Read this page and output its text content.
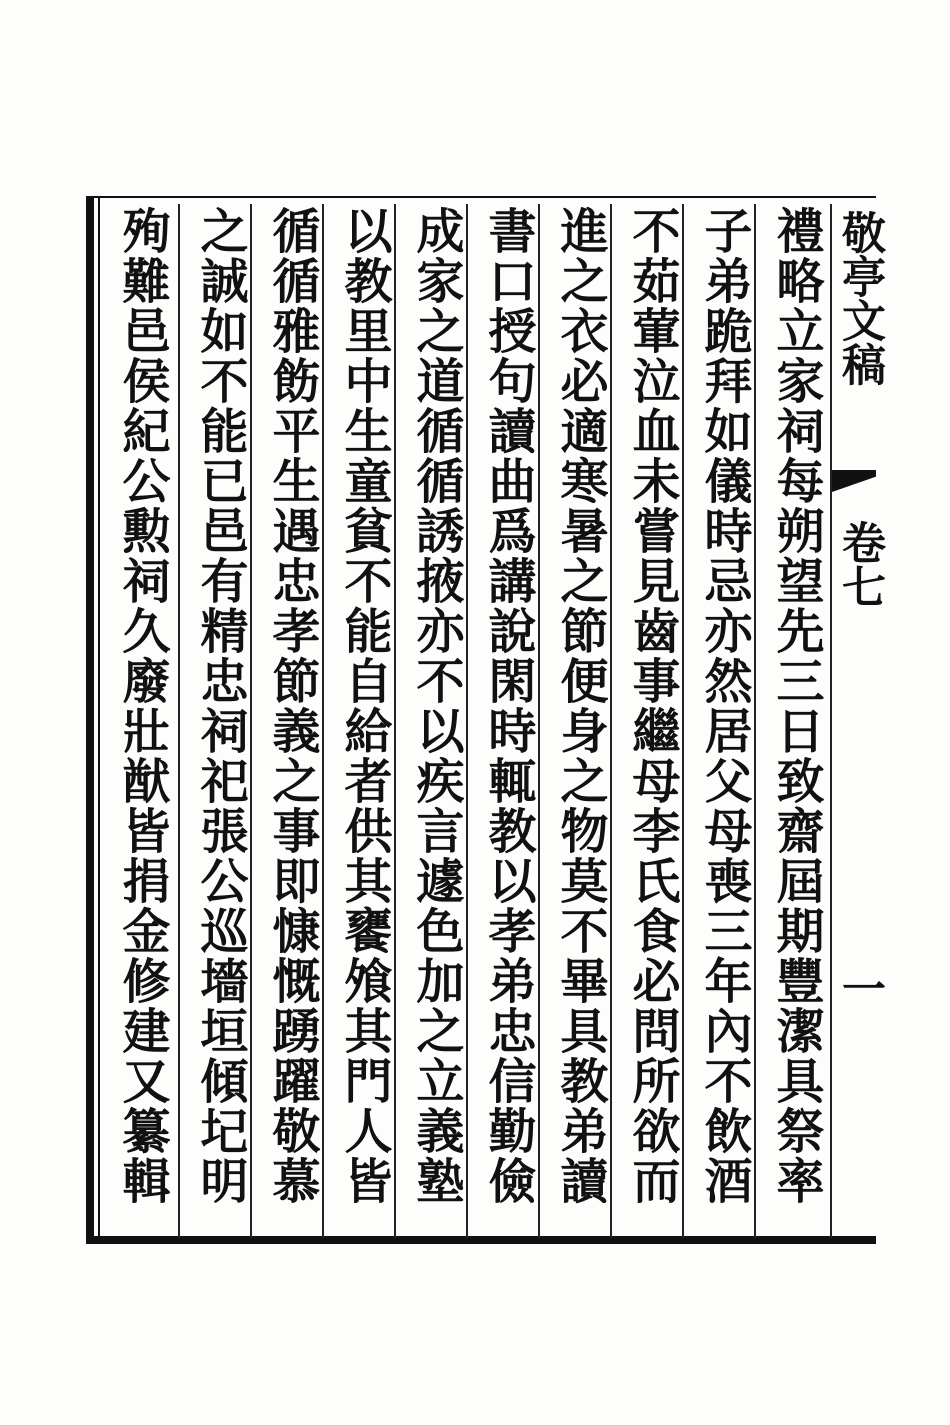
禮略立家祠每朔望先三日致齋屆期豐潔具祭率
子弟跪拜如儀時忌亦然居父母喪三年內不飲酒
不茹葷泣血未嘗見齒事繼母李氏食必問所欲而
進之衣必適寒暑之節便身之物莫不畢具教弟讀
書口授句讀曲爲講說閑時輒教以孝弟忠信勤儉
成家之道循循誘掖亦不以疾言遽色加之立義塾
以教里中生童貧不能自給者供其饔飧其門人皆
循循雅飭平生遇忠孝節義之事即慷慨踴躍敬慕
之誠如不能已邑有精忠祠祀張公巡墻垣傾圮明
殉難邑侯紀公勲祠久廢壯猷皆捐金修建又纂輯	敬亭文稿
卷七
一
